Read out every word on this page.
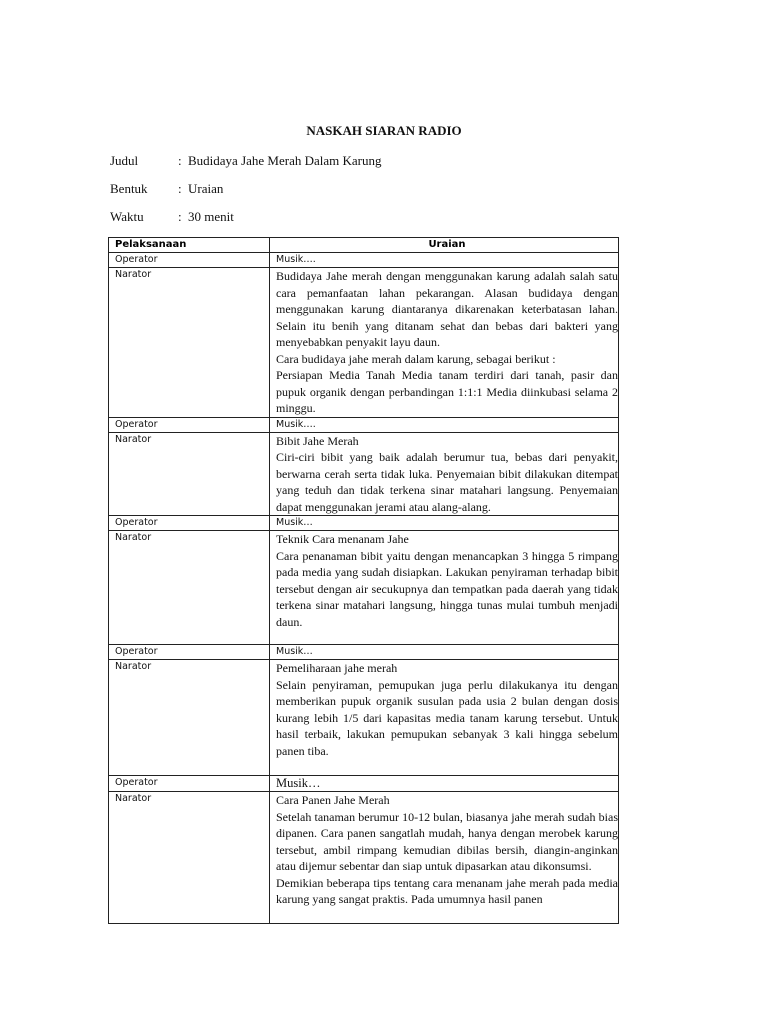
NASKAH SIARAN RADIO
Judul	: Budidaya Jahe Merah Dalam Karung
Bentuk : Uraian
Waktu	: 30 menit
Pelaksanaan	Uraian
Operator	Musik….
Narator	Budidaya Jahe merah dengan menggunakan karung adalah salah satu cara pemanfaatan lahan pekarangan. Alasan budidaya dengan menggunakan karung diantaranya dikarenakan keterbatasan lahan. Selain itu benih yang ditanam sehat dan bebas dari bakteri yang menyebabkan penyakit layu daun.
Cara budidaya jahe merah dalam karung, sebagai berikut :
Persiapan Media Tanah Media tanam terdiri dari tanah, pasir dan pupuk organik dengan perbandingan 1:1:1 Media diinkubasi selama 2 minggu.

Operator	Musik….
Narator	Bibit Jahe Merah
Ciri-ciri bibit yang baik adalah berumur tua, bebas dari penyakit, berwarna cerah serta tidak luka. Penyemaian bibit dilakukan ditempat yang teduh dan tidak terkena sinar matahari langsung. Penyemaian dapat menggunakan jerami atau alang-alang.

Operator	Musik…
Narator	Teknik Cara menanam Jahe
Cara penanaman bibit yaitu dengan menancapkan 3 hingga 5 rimpang pada media yang sudah disiapkan. Lakukan penyiraman terhadap bibit tersebut dengan air secukupnya dan tempatkan pada daerah yang tidak terkena sinar matahari langsung, hingga tunas mulai tumbuh menjadi daun.

Operator	Musik…
Narator	Pemeliharaan jahe merah
Selain penyiraman, pemupukan juga perlu dilakukanya itu dengan memberikan pupuk organik susulan pada usia 2 bulan dengan dosis kurang lebih 1/5 dari kapasitas media tanam karung tersebut. Untuk hasil terbaik, lakukan pemupukan sebanyak 3 kali hingga sebelum panen tiba.

Operator	Musik…
Narator	Cara Panen Jahe Merah
Setelah tanaman berumur 10-12 bulan, biasanya jahe merah sudah bias dipanen. Cara panen sangatlah mudah, hanya dengan merobek karung tersebut, ambil rimpang kemudian dibilas bersih, diangin-anginkan atau dijemur sebentar dan siap untuk dipasarkan atau dikonsumsi.
Demikian beberapa tips tentang cara menanam jahe merah pada media karung yang sangat praktis. Pada umumnya hasil panen
